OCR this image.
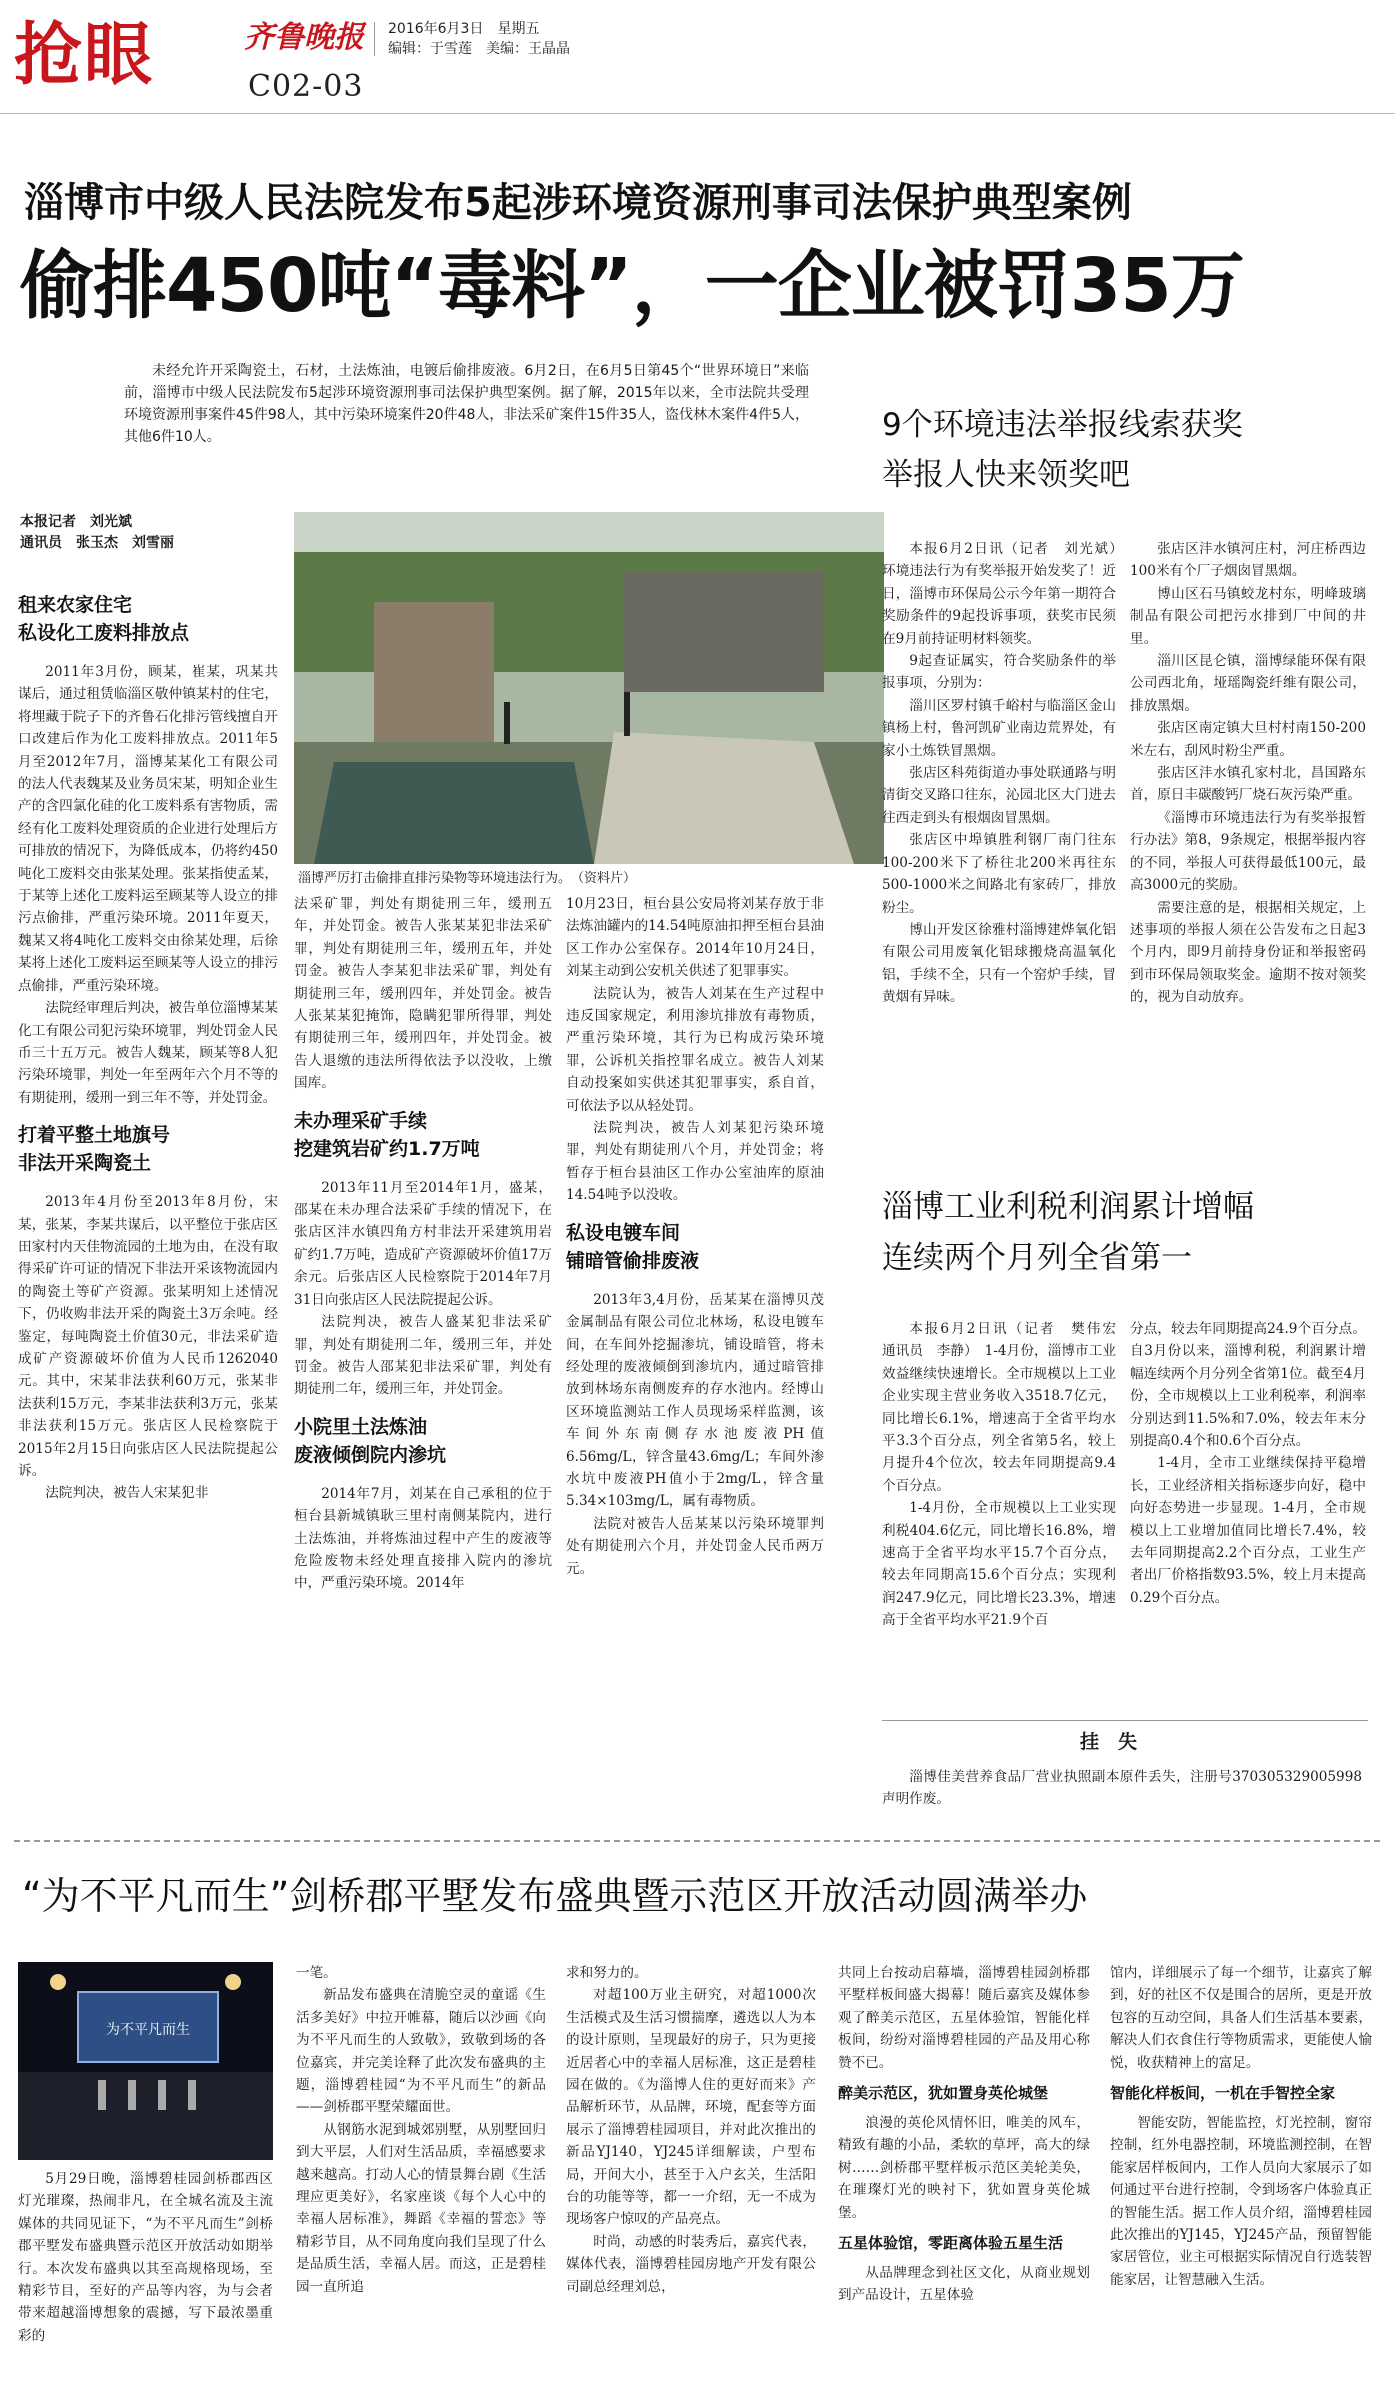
抢眼	齐鲁晚报 2016年6月3日　星期五
编辑：于雪莲　美编：王晶晶
C02-03
淄博市中级人民法院发布5起涉环境资源刑事司法保护典型案例
偷排450吨“毒料”，一企业被罚35万

未经允许开采陶瓷土，石材，土法炼油，电镀后偷排废液。6月2日，在6月5日第45个“世界环境日”来临前，淄博市中级人民法院发布5起涉环境资源刑事司法保护典型案例。据了解，2015年以来，全市法院共受理环境资源刑事案件45件98人，其中污染环境案件20件48人，非法采矿案件15件35人，盗伐林木案件4件5人，其他6件10人。

本报记者　刘光斌
通讯员　张玉杰　刘雪丽
淄博严厉打击偷排直排污染物等环境违法行为。　（资料片）

租来农家住宅

私设化工废料排放点

2011年3月份，顾某，崔某，巩某共谋后，通过租赁临淄区敬仲镇某村的住宅，将埋藏于院子下的齐鲁石化排污管线擅自开口改建后作为化工废料排放点。2011年5月至2012年7月，淄博某某化工有限公司的法人代表魏某及业务员宋某，明知企业生产的含四氯化硅的化工废料系有害物质，需经有化工废料处理资质的企业进行处理后方可排放的情况下，为降低成本，仍将约450吨化工废料交由张某处理。张某指使孟某，于某等上述化工废料运至顾某等人设立的排污点偷排，严重污染环境。2011年夏天，魏某又将4吨化工废料交由徐某处理，后徐某将上述化工废料运至顾某等人设立的排污点偷排，严重污染环境。

法院经审理后判决，被告单位淄博某某化工有限公司犯污染环境罪，判处罚金人民币三十五万元。被告人魏某，顾某等8人犯污染环境罪，判处一年至两年六个月不等的有期徒刑，缓刑一到三年不等，并处罚金。

打着平整土地旗号

非法开采陶瓷土

2013年4月份至2013年8月份，宋某，张某，李某共谋后，以平整位于张店区田家村内天佳物流园的土地为由，在没有取得采矿许可证的情况下非法开采该物流园内的陶瓷土等矿产资源。张某明知上述情况下，仍收购非法开采的陶瓷土3万余吨。经鉴定，每吨陶瓷土价值30元，非法采矿造成矿产资源破坏价值为人民币1262040元。其中，宋某非法获利60万元，张某非法获利15万元，李某非法获利3万元，张某非法获利15万元。张店区人民检察院于2015年2月15日向张店区人民法院提起公诉。

法院判决，被告人宋某犯非

法采矿罪，判处有期徒刑三年，缓刑五年，并处罚金。被告人张某某犯非法采矿罪，判处有期徒刑三年，缓刑五年，并处罚金。被告人李某犯非法采矿罪，判处有期徒刑三年，缓刑四年，并处罚金。被告人张某某犯掩饰，隐瞒犯罪所得罪，判处有期徒刑三年，缓刑四年，并处罚金。被告人退缴的违法所得依法予以没收，上缴国库。

未办理采矿手续

挖建筑岩矿约1.7万吨

2013年11月至2014年1月，盛某，邵某在未办理合法采矿手续的情况下，在张店区沣水镇四角方村非法开采建筑用岩矿约1.7万吨，造成矿产资源破坏价值17万余元。后张店区人民检察院于2014年7月31日向张店区人民法院提起公诉。

法院判决，被告人盛某犯非法采矿罪，判处有期徒刑二年，缓刑三年，并处罚金。被告人邵某犯非法采矿罪，判处有期徒刑二年，缓刑三年，并处罚金。

小院里土法炼油

废液倾倒院内渗坑

2014年7月，刘某在自己承租的位于桓台县新城镇耿三里村南侧某院内，进行土法炼油，并将炼油过程中产生的废液等危险废物未经处理直接排入院内的渗坑中，严重污染环境。2014年

10月23日，桓台县公安局将刘某存放于非法炼油罐内的14.54吨原油扣押至桓台县油区工作办公室保存。2014年10月24日，刘某主动到公安机关供述了犯罪事实。

法院认为，被告人刘某在生产过程中违反国家规定，利用渗坑排放有毒物质，严重污染环境，其行为已构成污染环境罪，公诉机关指控罪名成立。被告人刘某自动投案如实供述其犯罪事实，系自首，可依法予以从轻处罚。

法院判决，被告人刘某犯污染环境罪，判处有期徒刑八个月，并处罚金；将暂存于桓台县油区工作办公室油库的原油14.54吨予以没收。

私设电镀车间

铺暗管偷排废液

2013年3,4月份，岳某某在淄博贝茂金属制品有限公司位北林场，私设电镀车间，在车间外挖掘渗坑，铺设暗管，将未经处理的废液倾倒到渗坑内，通过暗管排放到林场东南侧废弃的存水池内。经博山区环境监测站工作人员现场采样监测，该车间外东南侧存水池废液PH值6.56mg/L，锌含量43.6mg/L；车间外渗水坑中废液PH值小于2mg/L，锌含量5.34×103mg/L，属有毒物质。

法院对被告人岳某某以污染环境罪判处有期徒刑六个月，并处罚金人民币两万元。

9个环境违法举报线索获奖
举报人快来领奖吧

本报6月2日讯（记者　刘光斌）　环境违法行为有奖举报开始发奖了！近日，淄博市环保局公示今年第一期符合奖励条件的9起投诉事项，获奖市民须在9月前持证明材料领奖。

9起查证属实，符合奖励条件的举报事项，分别为：

淄川区罗村镇千峪村与临淄区金山镇杨上村，鲁河凯矿业南边荒界处，有家小土炼铁冒黑烟。

张店区科苑街道办事处联通路与明清街交叉路口往东，沁园北区大门进去往西走到头有根烟囱冒黑烟。

张店区中埠镇胜利钢厂南门往东100-200米下了桥往北200米再往东500-1000米之间路北有家砖厂，排放粉尘。

博山开发区徐雅村淄博建烨氧化铝有限公司用废氧化铝球搬烧高温氧化铝，手续不全，只有一个窑炉手续，冒黄烟有异味。

张店区沣水镇河庄村，河庄桥西边100米有个厂子烟囱冒黑烟。

博山区石马镇蛟龙村东，明峰玻璃制品有限公司把污水排到厂中间的井里。

淄川区昆仑镇，淄博绿能环保有限公司西北角，垭瑶陶瓷纤维有限公司，排放黑烟。

张店区南定镇大旦村村南150-200米左右，刮风时粉尘严重。

张店区沣水镇孔家村北，昌国路东首，原日丰碳酸钙厂烧石灰污染严重。

《淄博市环境违法行为有奖举报暂行办法》第8，9条规定，根据举报内容的不同，举报人可获得最低100元，最高3000元的奖励。

需要注意的是，根据相关规定，上述事项的举报人须在公告发布之日起3个月内，即9月前持身份证和举报密码到市环保局领取奖金。逾期不按对领奖的，视为自动放弃。

淄博工业利税利润累计增幅
连续两个月列全省第一

本报6月2日讯（记者　樊伟宏　通讯员　李静）　1-4月份，淄博市工业效益继续快速增长。全市规模以上工业企业实现主营业务收入3518.7亿元，同比增长6.1%，增速高于全省平均水平3.3个百分点，列全省第5名，较上月提升4个位次，较去年同期提高9.4个百分点。

1-4月份，全市规模以上工业实现利税404.6亿元，同比增长16.8%，增速高于全省平均水平15.7个百分点，较去年同期高15.6个百分点；实现利润247.9亿元，同比增长23.3%，增速高于全省平均水平21.9个百

分点，较去年同期提高24.9个百分点。自3月份以来，淄博利税，利润累计增幅连续两个月分列全省第1位。截至4月份，全市规模以上工业利税率，利润率分别达到11.5%和7.0%，较去年末分别提高0.4个和0.6个百分点。

1-4月，全市工业继续保持平稳增长，工业经济相关指标逐步向好，稳中向好态势进一步显现。1-4月，全市规模以上工业增加值同比增长7.4%，较去年同期提高2.2个百分点，工业生产者出厂价格指数93.5%，较上月末提高0.29个百分点。

挂　失

淄博佳美营养食品厂营业执照副本原件丢失，注册号370305329005998声明作废。

“为不平凡而生”剑桥郡平墅发布盛典暨示范区开放活动圆满举办
为不平凡而生

5月29日晚，淄博碧桂园剑桥郡西区灯光璀璨，热闹非凡，在全城名流及主流媒体的共同见证下，“为不平凡而生”剑桥郡平墅发布盛典暨示范区开放活动如期举行。本次发布盛典以其至高规格现场，至精彩节目，至好的产品等内容，为与会者带来超越淄博想象的震撼，写下最浓墨重彩的

一笔。

新品发布盛典在清脆空灵的童谣《生活多美好》中拉开帷幕，随后以沙画《向为不平凡而生的人致敬》，致敬到场的各位嘉宾，并完美诠释了此次发布盛典的主题，淄博碧桂园“为不平凡而生”的新品——剑桥郡平墅荣耀面世。

从钢筋水泥到城郊别墅，从别墅回归到大平层，人们对生活品质，幸福感要求越来越高。打动人心的情景舞台剧《生活理应更美好》，名家座谈《每个人心中的幸福人居标准》，舞蹈《幸福的誓恋》等精彩节目，从不同角度向我们呈现了什么是品质生活，幸福人居。而这，正是碧桂园一直所追

求和努力的。

对超100万业主研究，对超1000次生活模式及生活习惯揣摩，遴选以人为本的设计原则，呈现最好的房子，只为更接近居者心中的幸福人居标准，这正是碧桂园在做的。《为淄博人住的更好而来》产品解析环节，从品牌，环境，配套等方面展示了淄博碧桂园项目，并对此次推出的新品YJ140，YJ245详细解读，户型布局，开间大小，甚至于入户玄关，生活阳台的功能等等，都一一介绍，无一不成为现场客户惊叹的产品亮点。

时尚，动感的时装秀后，嘉宾代表，媒体代表，淄博碧桂园房地产开发有限公司副总经理刘总，

共同上台按动启幕墙，淄博碧桂园剑桥郡平墅样板间盛大揭幕！随后嘉宾及媒体参观了醉美示范区，五星体验馆，智能化样板间，纷纷对淄博碧桂园的产品及用心称赞不已。

醉美示范区，犹如置身英伦城堡

浪漫的英伦风情怀旧，唯美的风车，精致有趣的小品，柔软的草坪，高大的绿树……剑桥郡平墅样板示范区美轮美奂，在璀璨灯光的映衬下，犹如置身英伦城堡。

五星体验馆，零距离体验五星生活

从品牌理念到社区文化，从商业规划到产品设计，五星体验

馆内，详细展示了每一个细节，让嘉宾了解到，好的社区不仅是围合的居所，更是开放包容的互动空间，具备人们生活基本要素，解决人们衣食住行等物质需求，更能使人愉悦，收获精神上的富足。

智能化样板间，一机在手智控全家

智能安防，智能监控，灯光控制，窗帘控制，红外电器控制，环境监测控制，在智能家居样板间内，工作人员向大家展示了如何通过平台进行控制，令到场客户体验真正的智能生活。据工作人员介绍，淄博碧桂园此次推出的YJ145，YJ245产品，预留智能家居管位，业主可根据实际情况自行选装智能家居，让智慧融入生活。
